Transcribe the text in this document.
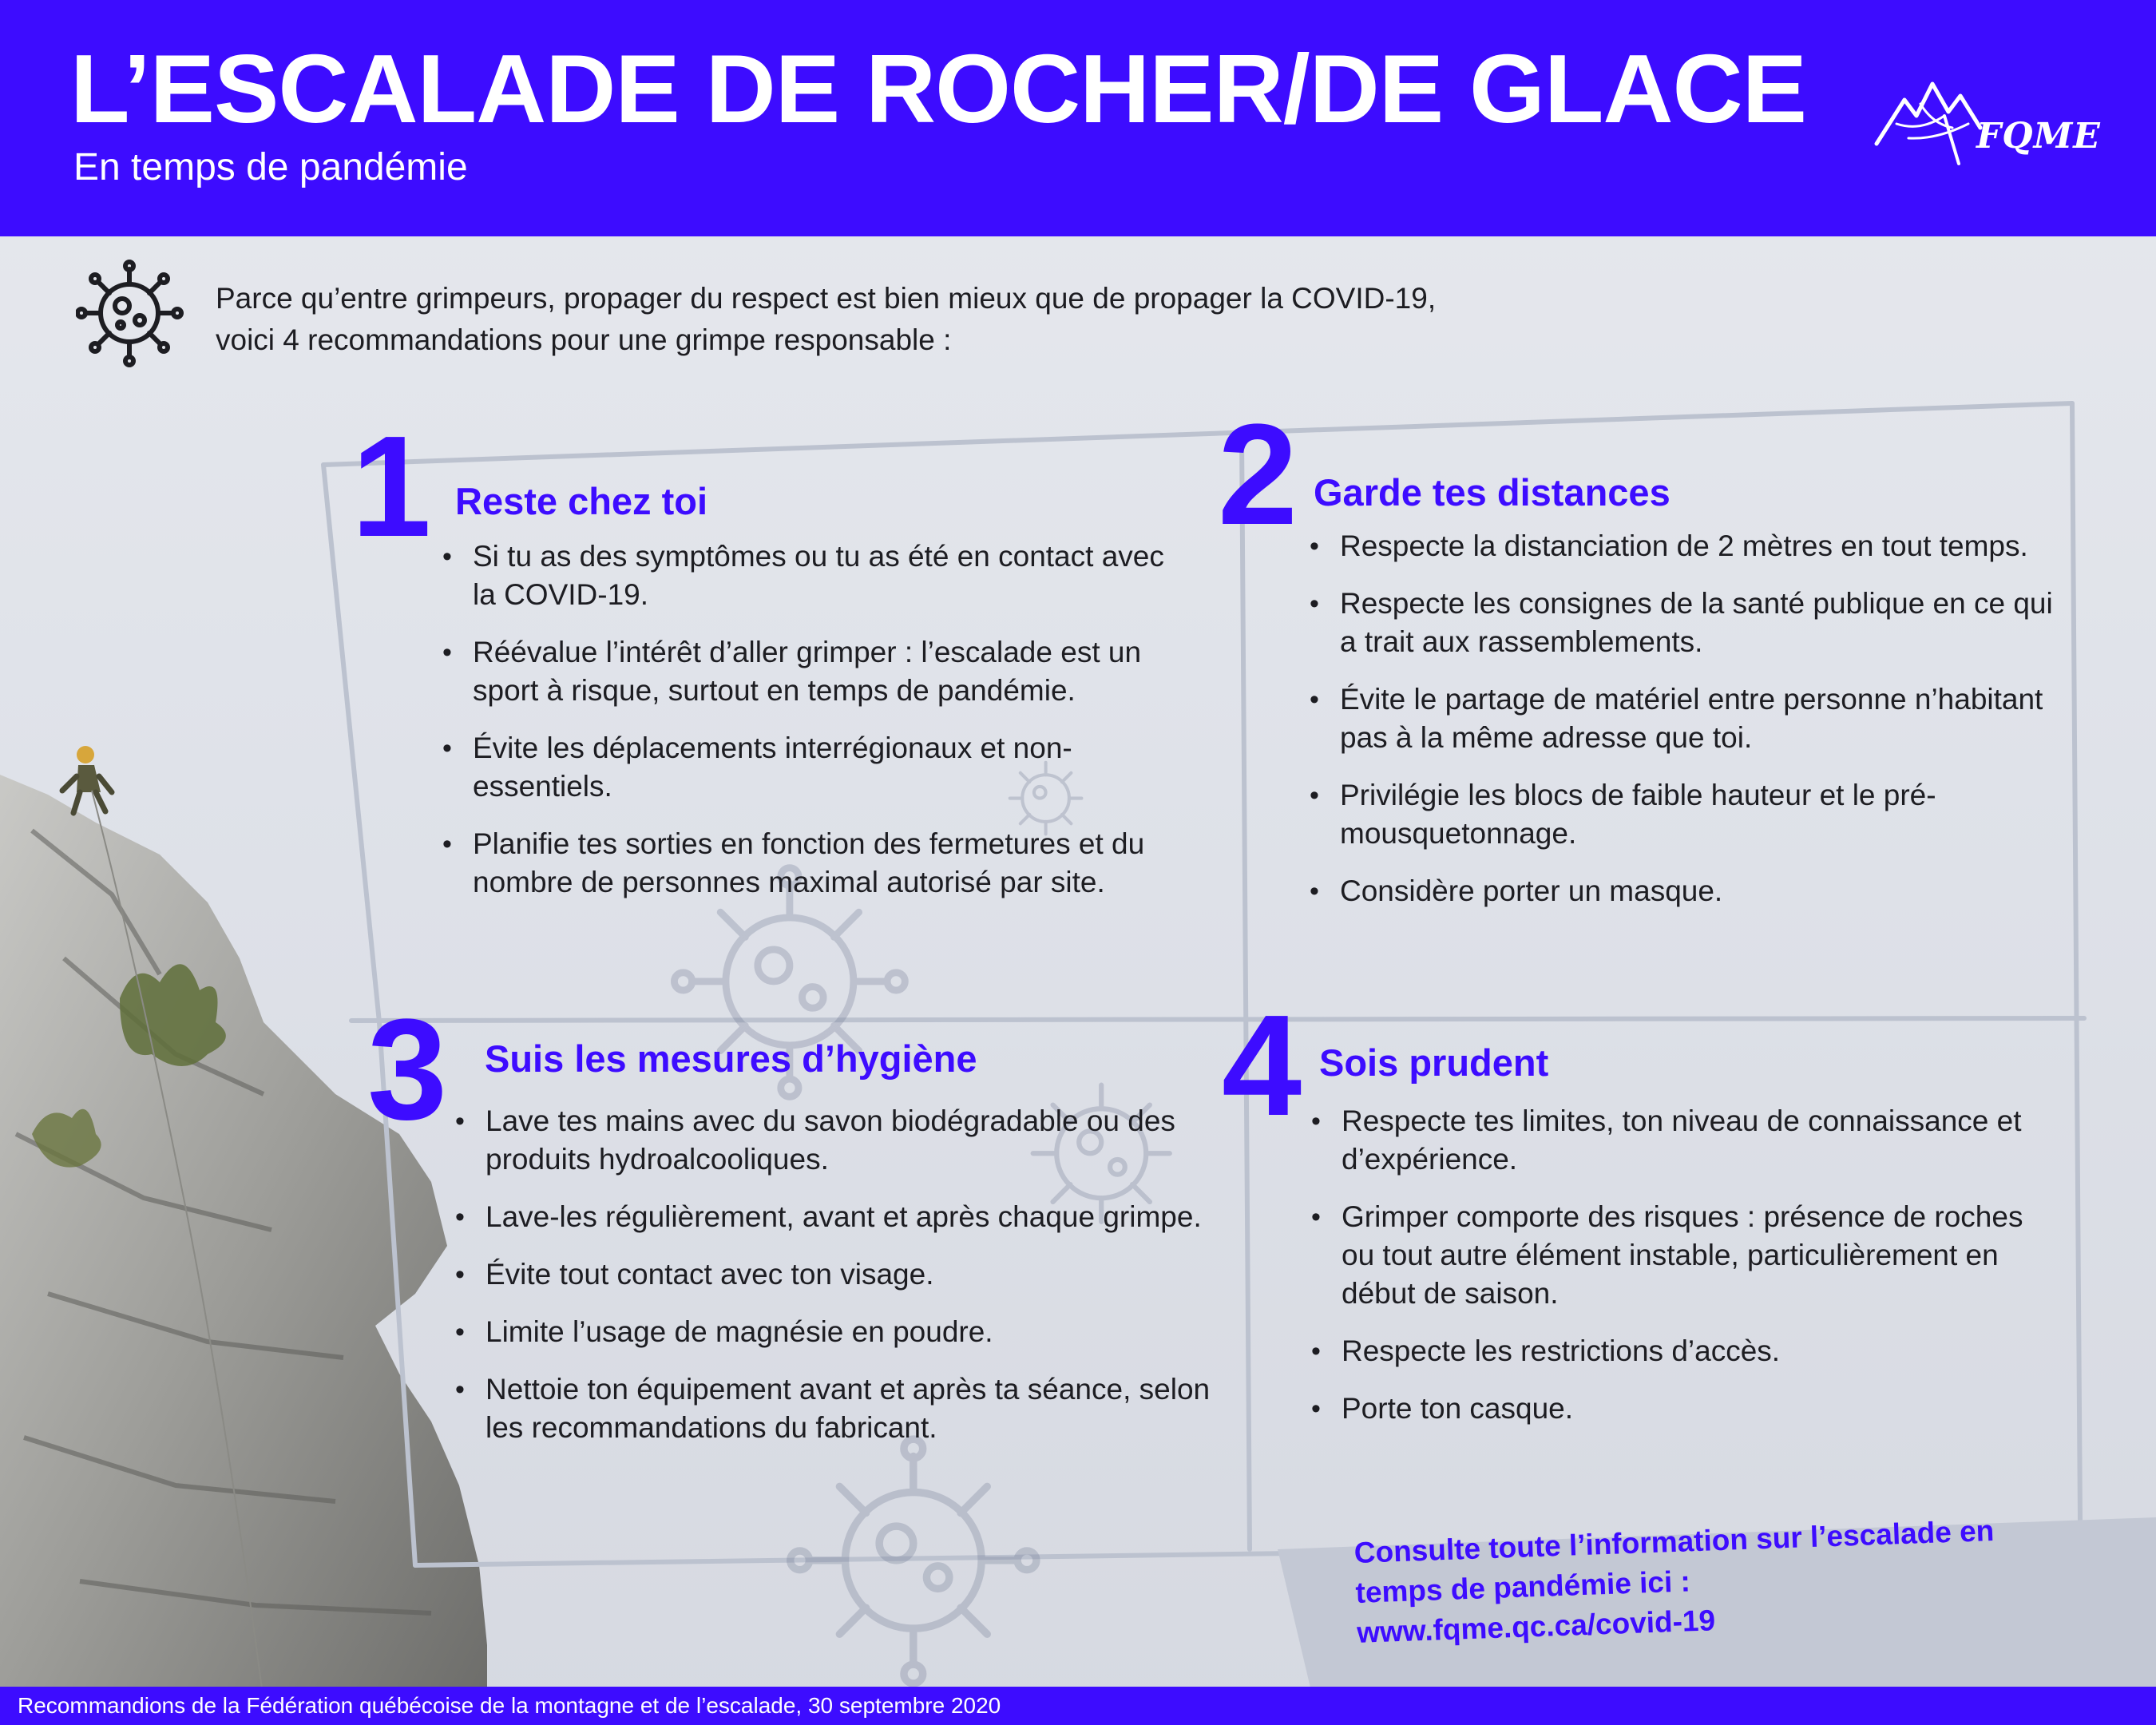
L’ESCALADE DE ROCHER/DE GLACE
En temps de pandémie
FQME
Parce qu’entre grimpeurs, propager du respect est bien mieux que de propager la COVID-19,
voici 4 recommandations pour une grimpe responsable :
1 Reste chez toi
• Si tu as des symptômes ou tu as été en contact avec la COVID-19.
• Réévalue l’intérêt d’aller grimper : l’escalade est un sport à risque, surtout en temps de pandémie.
• Évite les déplacements interrégionaux et non-essentiels.
• Planifie tes sorties en fonction des fermetures et du nombre de personnes maximal autorisé par site.
2 Garde tes distances
• Respecte la distanciation de 2 mètres en tout temps.
• Respecte les consignes de la santé publique en ce qui a trait aux rassemblements.
• Évite le partage de matériel entre personne n’habitant pas à la même adresse que toi.
• Privilégie les blocs de faible hauteur et le pré-mousquetonnage.
• Considère porter un masque.
3 Suis les mesures d’hygiène
• Lave tes mains avec du savon biodégradable ou des produits hydroalcooliques.
• Lave-les régulièrement, avant et après chaque grimpe.
• Évite tout contact avec ton visage.
• Limite l’usage de magnésie en poudre.
• Nettoie ton équipement avant et après ta séance, selon les recommandations du fabricant.
4 Sois prudent
• Respecte tes limites, ton niveau de connaissance et d’expérience.
• Grimper comporte des risques : présence de roches ou tout autre élément instable, particulièrement en début de saison.
• Respecte les restrictions d’accès.
• Porte ton casque.
Consulte toute l’information sur l’escalade en
temps de pandémie ici :
www.fqme.qc.ca/covid-19
Recommandions de la Fédération québécoise de la montagne et de l’escalade, 30 septembre 2020
